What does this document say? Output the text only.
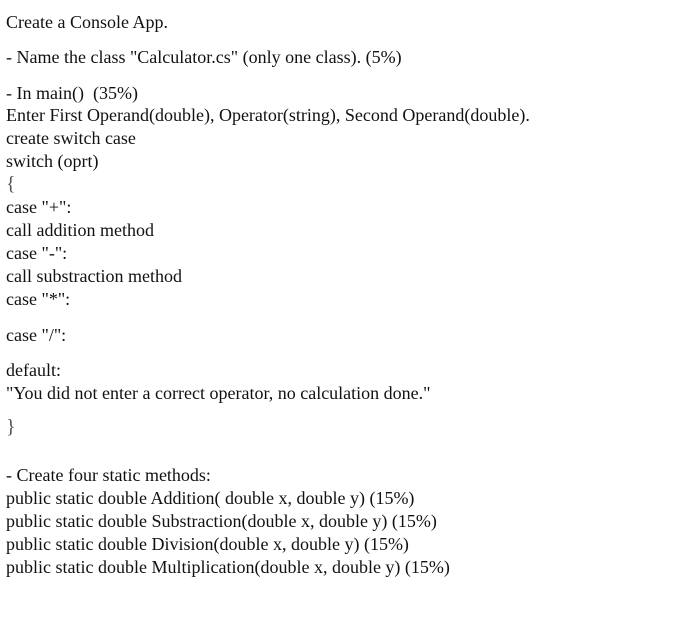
Create a Console App.

- Name the class "Calculator.cs" (only one class). (5%)

- In main()  (35%)

Enter First Operand(double), Operator(string), Second Operand(double).

create switch case

switch (oprt)

{

case "+":

call addition method

case "-":

call substraction method

case "*":

case "/":

default:

"You did not enter a correct operator, no calculation done."

}

- Create four static methods:

public static double Addition( double x, double y) (15%)

public static double Substraction(double x, double y) (15%)

public static double Division(double x, double y) (15%)

public static double Multiplication(double x, double y) (15%)
